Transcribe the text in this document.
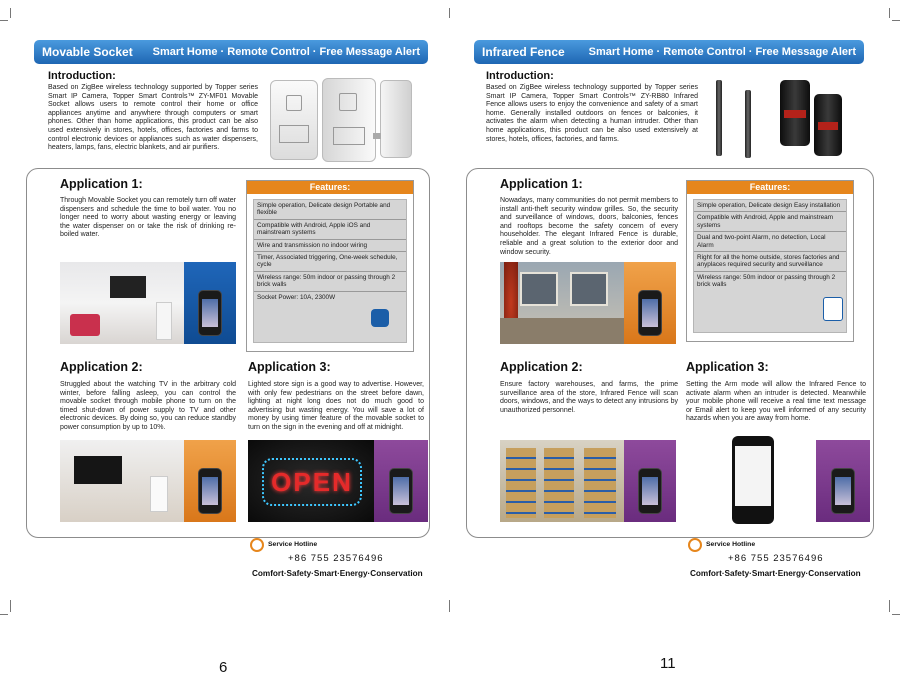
Movable Socket Smart Home · Remote Control · Free Message Alert
Introduction:
Based on ZigBee wireless technology supported by Topper series Smart IP Camera, Topper Smart Controls™ ZY-MF01 Movable Socket allows users to remote control their home or office appliances anytime and anywhere through computers or smart phones. Other than home applications, this product can be also used extensively in stores, hotels, offices, factories and farms to control electronic devices or appliances such as water dispensers, heaters, lamps, fans, electric blankets, and air purifiers.
Application 1:
Through Movable Socket you can remotely turn off water dispensers and schedule the time to boil water. You no longer need to worry about wasting energy or leaving the water dispenser on or take the risk of drinking re-boiled water.
Features:
Simple operation, Delicate design Portable and flexible
Compatible with Android, Apple iOS and mainstream systems
Wire and transmission no indoor wiring
Timer, Associated triggering, One-week schedule, cycle
Wireless range: 50m indoor or passing through 2 brick walls
Socket Power: 10A, 2300W
Application 2:
Struggled about the watching TV in the arbitrary cold winter, before falling asleep, you can control the movable socket through mobile phone to turn on the timed shut-down of power supply to TV and other electronic devices. By doing so, you can reduce standby power consumption by up to 10%.
Application 3:
Lighted store sign is a good way to advertise. However, with only few pedestrians on the street before dawn, lighting at night long does not do much good to advertising but wasting energy. You will save a lot of money by using timer feature of the movable socket to turn on the sign in the evening and off at midnight.
OPEN
Service Hotline
+86 755 23576496
Comfort·Safety·Smart·Energy·Conservation
6
Infrared Fence Smart Home · Remote Control · Free Message Alert
Introduction:
Based on ZigBee wireless technology supported by Topper series Smart IP Camera, Topper Smart Controls™ ZY-RB80 Infrared Fence allows users to enjoy the convenience and safety of a smart home. Generally installed outdoors on fences or balconies, it activates the alarm when detecting a human intruder. Other than home applications, this product can be also used extensively at stores, hotels, offices, factories, and farms.
Application 1:
Nowadays, many communities do not permit members to install anti-theft security window grilles. So, the security and surveillance of windows, doors, balconies, fences and rooftops become the safety concern of every householder. The elegant Infrared Fence is durable, reliable and a great solution to the exterior door and window security.
Features:
Simple operation, Delicate design Easy installation
Compatible with Android, Apple and mainstream systems
Dual and two-point Alarm, no detection, Local Alarm
Right for all the home outside, stores factories and anyplaces required security and surveillance
Wireless range: 50m indoor or passing through 2 brick walls
Application 2:
Ensure factory warehouses, and farms, the prime surveillance area of the store, Infrared Fence will scan doors, windows, and the ways to detect any intrusions by unauthorized personnel.
Application 3:
Setting the Arm mode will allow the Infrared Fence to activate alarm when an intruder is detected. Meanwhile your mobile phone will receive a real time text message or Email alert to keep you well informed of any security hazards when you are away from home.
Service Hotline
+86 755 23576496
Comfort·Safety·Smart·Energy·Conservation
11
